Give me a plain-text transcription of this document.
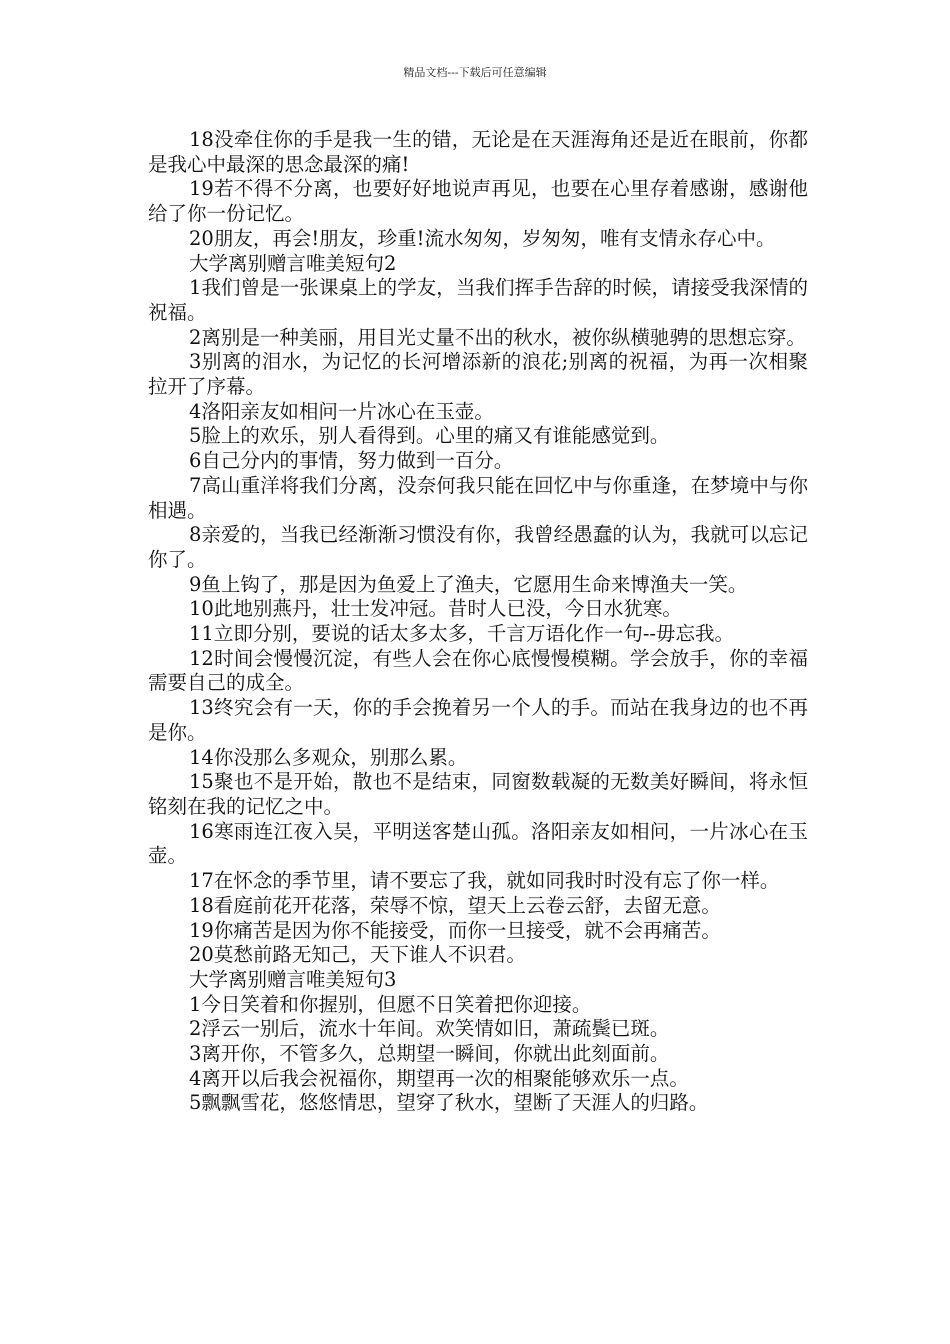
精品文档---下载后可任意编辑

18没牵住你的手是我一生的错，无论是在天涯海角还是近在眼前，你都是我心中最深的思念最深的痛!

19若不得不分离，也要好好地说声再见，也要在心里存着感谢，感谢他给了你一份记忆。

20朋友，再会!朋友，珍重!流水匆匆，岁匆匆，唯有支情永存心中。

大学离别赠言唯美短句2

1我们曾是一张课桌上的学友，当我们挥手告辞的时候，请接受我深情的祝福。

2离别是一种美丽，用目光丈量不出的秋水，被你纵横驰骋的思想忘穿。

3别离的泪水，为记忆的长河增添新的浪花;别离的祝福，为再一次相聚拉开了序幕。

4洛阳亲友如相问一片冰心在玉壶。

5脸上的欢乐，别人看得到。心里的痛又有谁能感觉到。

6自己分内的事情，努力做到一百分。

7高山重洋将我们分离，没奈何我只能在回忆中与你重逢，在梦境中与你相遇。

8亲爱的，当我已经渐渐习惯没有你，我曾经愚蠢的认为，我就可以忘记你了。

9鱼上钩了，那是因为鱼爱上了渔夫，它愿用生命来博渔夫一笑。

10此地别燕丹，壮士发冲冠。昔时人已没，今日水犹寒。

11立即分别，要说的话太多太多，千言万语化作一句--毋忘我。

12时间会慢慢沉淀，有些人会在你心底慢慢模糊。学会放手，你的幸福需要自己的成全。

13终究会有一天，你的手会挽着另一个人的手。而站在我身边的也不再是你。

14你没那么多观众，别那么累。

15聚也不是开始，散也不是结束，同窗数载凝的无数美好瞬间，将永恒铭刻在我的记忆之中。

16寒雨连江夜入吴，平明送客楚山孤。洛阳亲友如相问，一片冰心在玉壶。

17在怀念的季节里，请不要忘了我，就如同我时时没有忘了你一样。

18看庭前花开花落，荣辱不惊，望天上云卷云舒，去留无意。

19你痛苦是因为你不能接受，而你一旦接受，就不会再痛苦。

20莫愁前路无知己，天下谁人不识君。

大学离别赠言唯美短句3

1今日笑着和你握别，但愿不日笑着把你迎接。

2浮云一别后，流水十年间。欢笑情如旧，萧疏鬓已斑。

3离开你，不管多久，总期望一瞬间，你就出此刻面前。

4离开以后我会祝福你，期望再一次的相聚能够欢乐一点。

5飘飘雪花，悠悠情思，望穿了秋水，望断了天涯人的归路。
